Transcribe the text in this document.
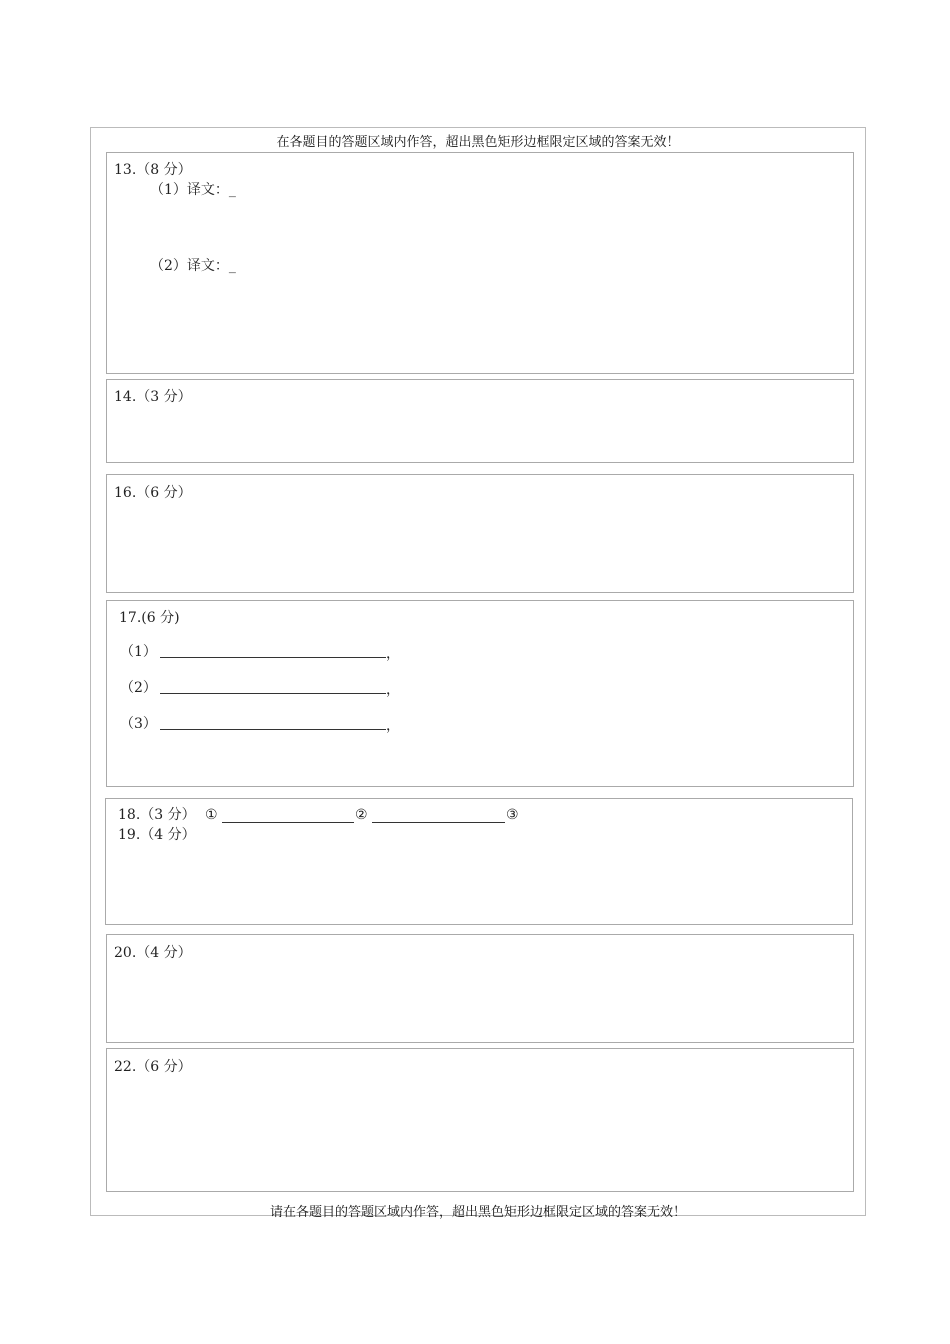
在各题目的答题区域内作答，超出黑色矩形边框限定区域的答案无效！
13.（8 分）
（1）译文：_
（2）译文：_
14.（3 分）
16.（6 分）
17.(6 分)
（1）	，
（2）	，
（3）	，
18.（3 分） ①	②	③
19.（4 分）
20.（4 分）
22.（6 分）
请在各题目的答题区域内作答，超出黑色矩形边框限定区域的答案无效！
